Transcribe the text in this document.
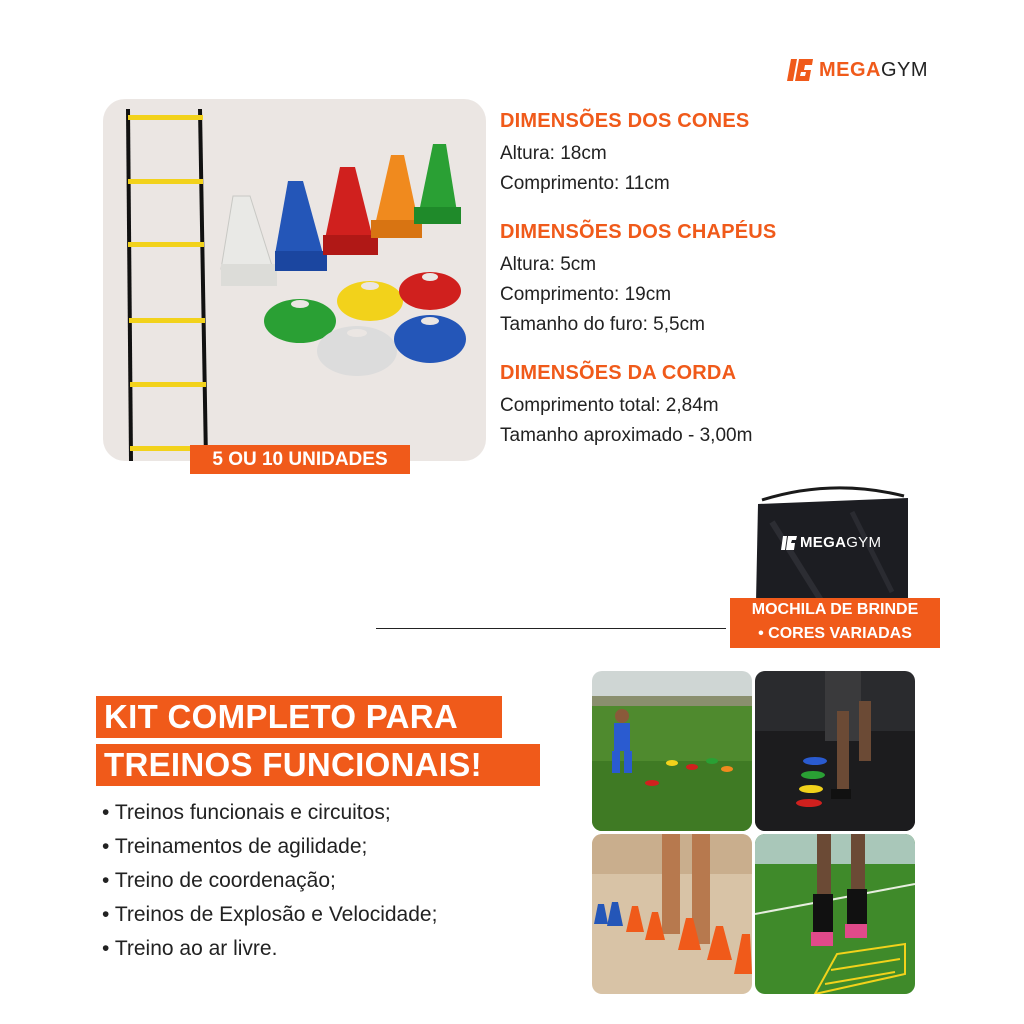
MEGAGYM
5 OU 10 UNIDADES
DIMENSÕES DOS CONES
Altura: 18cm
Comprimento: 11cm
DIMENSÕES DOS CHAPÉUS
Altura: 5cm
Comprimento: 19cm
Tamanho do furo: 5,5cm
DIMENSÕES DA CORDA
Comprimento total: 2,84m
Tamanho aproximado - 3,00m
MEGAGYM
MOCHILA DE BRINDE
• CORES VARIADAS
KIT COMPLETO PARA
TREINOS FUNCIONAIS!
• Treinos funcionais e circuitos;
• Treinamentos de agilidade;
• Treino de coordenação;
• Treinos de Explosão e Velocidade;
• Treino ao ar livre.
